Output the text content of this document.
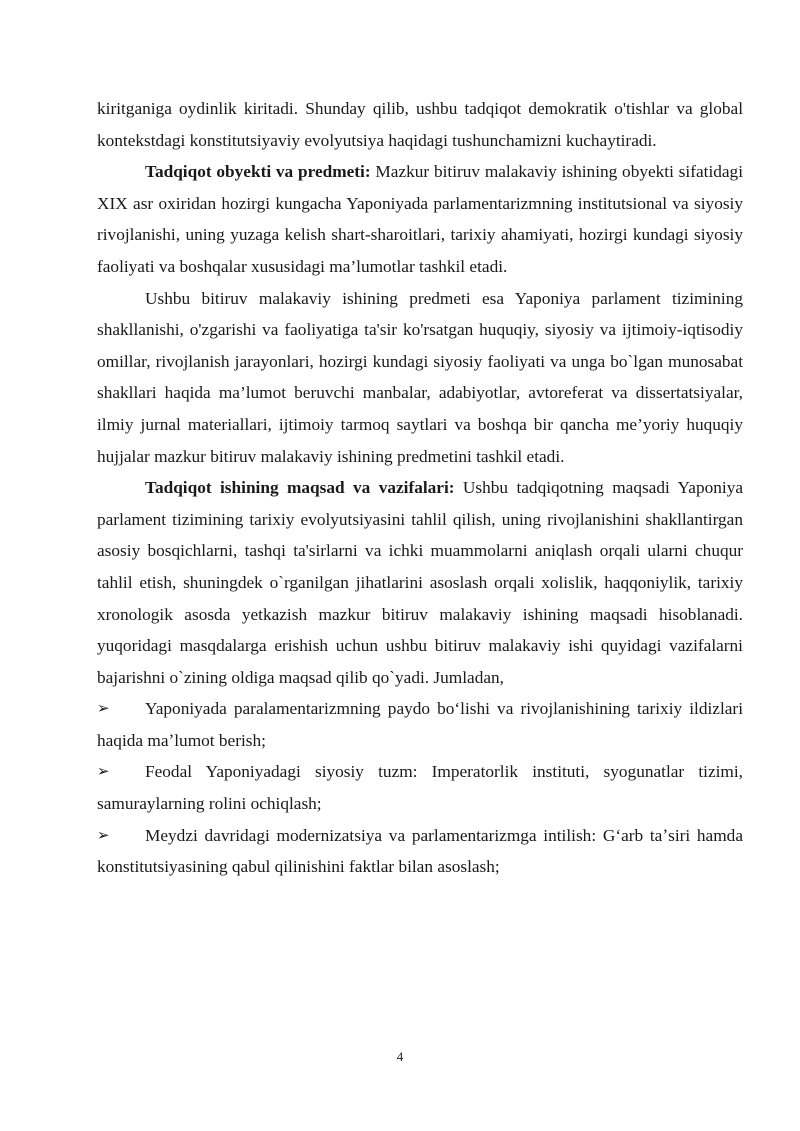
kiritganiga oydinlik kiritadi. Shunday qilib, ushbu tadqiqot demokratik o'tishlar va global kontekstdagi konstitutsiyaviy evolyutsiya haqidagi tushunchamizni kuchaytiradi.

Tadqiqot obyekti va predmeti: Mazkur bitiruv malakaviy ishining obyekti sifatidagi XIX asr oxiridan hozirgi kungacha Yaponiyada parlamentarizmning institutsional va siyosiy rivojlanishi, uning yuzaga kelish shart-sharoitlari, tarixiy ahamiyati, hozirgi kundagi siyosiy faoliyati va boshqalar xususidagi ma’lumotlar tashkil etadi.

Ushbu bitiruv malakaviy ishining predmeti esa Yaponiya parlament tizimining shakllanishi, o'zgarishi va faoliyatiga ta'sir ko'rsatgan huquqiy, siyosiy va ijtimoiy-iqtisodiy omillar, rivojlanish jarayonlari, hozirgi kundagi siyosiy faoliyati va unga bo`lgan munosabat shakllari haqida ma’lumot beruvchi manbalar, adabiyotlar, avtoreferat va dissertatsiyalar, ilmiy jurnal materiallari, ijtimoiy tarmoq saytlari va boshqa bir qancha me’yoriy huquqiy hujjalar mazkur bitiruv malakaviy ishining predmetini tashkil etadi.

Tadqiqot ishining maqsad va vazifalari: Ushbu tadqiqotning maqsadi Yaponiya parlament tizimining tarixiy evolyutsiyasini tahlil qilish, uning rivojlanishini shakllantirgan asosiy bosqichlarni, tashqi ta'sirlarni va ichki muammolarni aniqlash orqali ularni chuqur tahlil etish, shuningdek o`rganilgan jihatlarini asoslash orqali xolislik, haqqoniylik, tarixiy xronologik asosda yetkazish mazkur bitiruv malakaviy ishining maqsadi hisoblanadi. yuqoridagi masqdalarga erishish uchun ushbu bitiruv malakaviy ishi quyidagi vazifalarni bajarishni o`zining oldiga maqsad qilib qo`yadi. Jumladan,

➢ Yaponiyada paralamentarizmning paydo boʻlishi va rivojlanishining tarixiy ildizlari haqida maʼlumot berish;

➢ Feodal Yaponiyadagi siyosiy tuzm: Imperatorlik instituti, syogunatlar tizimi, samuraylarning rolini ochiqlash;

➢ Meydzi davridagi modernizatsiya va parlamentarizmga intilish: Gʻarb taʼsiri hamda konstitutsiyasining qabul qilinishini faktlar bilan asoslash;

4
